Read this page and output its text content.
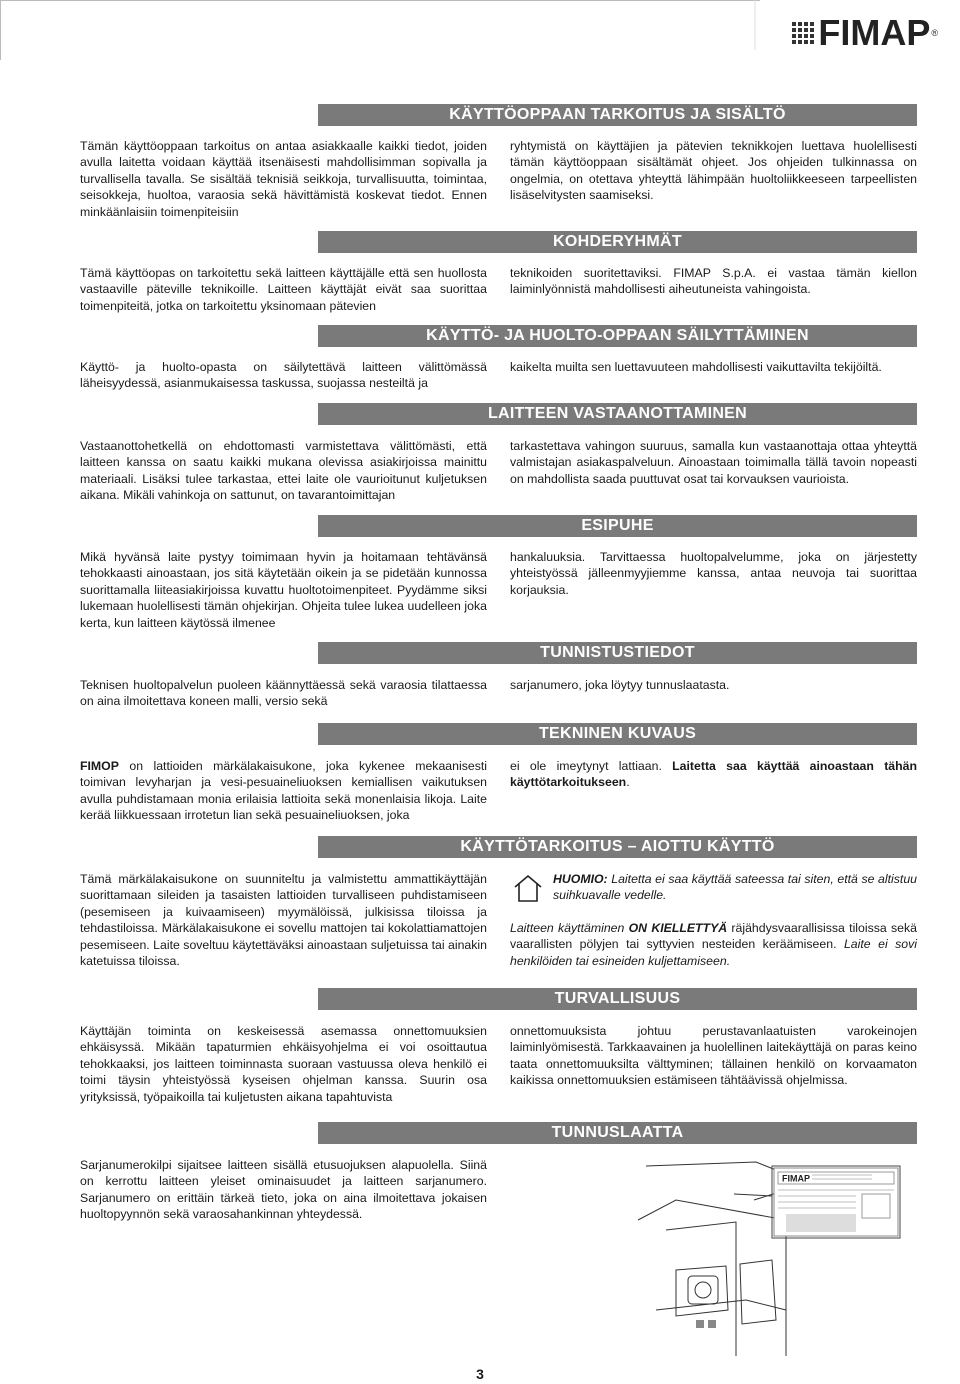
FIMAP ®
KÄYTTÖOPPAAN TARKOITUS JA SISÄLTÖ

Tämän käyttöoppaan tarkoitus on antaa asiakkaalle kaikki tiedot, joiden avulla laitetta voidaan käyttää itsenäisesti mahdollisimman sopivalla ja turvallisella tavalla. Se sisältää teknisiä seikkoja, turvallisuutta, toimintaa, seisokkeja, huoltoa, varaosia sekä hävittämistä koskevat tiedot. Ennen minkäänlaisiin toimenpiteisiin

ryhtymistä on käyttäjien ja pätevien teknikkojen luettava huolellisesti tämän käyttöoppaan sisältämät ohjeet. Jos ohjeiden tulkinnassa on ongelmia, on otettava yhteyttä lähimpään huoltoliikkeeseen tarpeellisten lisäselvitysten saamiseksi.

KOHDERYHMÄT

Tämä käyttöopas on tarkoitettu sekä laitteen käyttäjälle että sen huollosta vastaaville päteville teknikoille. Laitteen käyttäjät eivät saa suorittaa toimenpiteitä, jotka on tarkoitettu yksinomaan pätevien

teknikoiden suoritettaviksi. FIMAP S.p.A. ei vastaa tämän kiellon laiminlyönnistä mahdollisesti aiheutuneista vahingoista.

KÄYTTÖ- JA HUOLTO-OPPAAN SÄILYTTÄMINEN

Käyttö- ja huolto-opasta on säilytettävä laitteen välittömässä läheisyydessä, asianmukaisessa taskussa, suojassa nesteiltä ja

kaikelta muilta sen luettavuuteen mahdollisesti vaikuttavilta tekijöiltä.

LAITTEEN VASTAANOTTAMINEN

Vastaanottohetkellä on ehdottomasti varmistettava välittömästi, että laitteen kanssa on saatu kaikki mukana olevissa asiakirjoissa mainittu materiaali. Lisäksi tulee tarkastaa, ettei laite ole vaurioitunut kuljetuksen aikana. Mikäli vahinkoja on sattunut, on tavarantoimittajan

tarkastettava vahingon suuruus, samalla kun vastaanottaja ottaa yhteyttä valmistajan asiakaspalveluun. Ainoastaan toimimalla tällä tavoin nopeasti on mahdollista saada puuttuvat osat tai korvauksen vaurioista.

ESIPUHE

Mikä hyvänsä laite pystyy toimimaan hyvin ja hoitamaan tehtävänsä tehokkaasti ainoastaan, jos sitä käytetään oikein ja se pidetään kunnossa suorittamalla liiteasiakirjoissa kuvattu huoltotoimenpiteet. Pyydämme siksi lukemaan huolellisesti tämän ohjekirjan. Ohjeita tulee lukea uudelleen joka kerta, kun laitteen käytössä ilmenee

hankaluuksia. Tarvittaessa huoltopalvelumme, joka on järjestetty yhteistyössä jälleenmyyjiemme kanssa, antaa neuvoja tai suorittaa korjauksia.

TUNNISTUSTIEDOT

Teknisen huoltopalvelun puoleen käännyttäessä sekä varaosia tilattaessa on aina ilmoitettava koneen malli, versio sekä

sarjanumero, joka löytyy tunnuslaatasta.

TEKNINEN KUVAUS

FIMOP on lattioiden märkälakaisukone, joka kykenee mekaanisesti toimivan levyharjan ja vesi-pesuaineliuoksen kemiallisen vaikutuksen avulla puhdistamaan monia erilaisia lattioita sekä monenlaisia likoja. Laite kerää liikkuessaan irrotetun lian sekä pesuaineliuoksen, joka

ei ole imeytynyt lattiaan. Laitetta saa käyttää ainoastaan tähän käyttötarkoitukseen.

KÄYTTÖTARKOITUS – AIOTTU KÄYTTÖ

Tämä märkälakaisukone on suunniteltu ja valmistettu ammattikäyttäjän suorittamaan sileiden ja tasaisten lattioiden turvalliseen puhdistamiseen (pesemiseen ja kuivaamiseen) myymälöissä, julkisissa tiloissa ja tehdastiloissa. Märkälakaisukone ei sovellu mattojen tai kokolattiamattojen pesemiseen. Laite soveltuu käytettäväksi ainoastaan suljetuissa tai ainakin katetuissa tiloissa.

HUOMIO: Laitetta ei saa käyttää sateessa tai siten, että se altistuu suihkuavalle vedelle.

Laitteen käyttäminen ON KIELLETTYÄ räjähdysvaarallisissa tiloissa sekä vaarallisten pölyjen tai syttyvien nesteiden keräämiseen. Laite ei sovi henkilöiden tai esineiden kuljettamiseen.

TURVALLISUUS

Käyttäjän toiminta on keskeisessä asemassa onnettomuuksien ehkäisyssä. Mikään tapaturmien ehkäisyohjelma ei voi osoittautua tehokkaaksi, jos laitteen toiminnasta suoraan vastuussa oleva henkilö ei toimi täysin yhteistyössä kyseisen ohjelman kanssa. Suurin osa yrityksissä, työpaikoilla tai kuljetusten aikana tapahtuvista

onnettomuuksista johtuu perustavanlaatuisten varokeinojen laiminlyömisestä. Tarkkaavainen ja huolellinen laitekäyttäjä on paras keino taata onnettomuuksilta välttyminen; tällainen henkilö on korvaamaton kaikissa onnettomuuksien estämiseen tähtäävissä ohjelmissa.

TUNNUSLAATTA

Sarjanumerokilpi sijaitsee laitteen sisällä etusuojuksen alapuolella. Siinä on kerrottu laitteen yleiset ominaisuudet ja laitteen sarjanumero. Sarjanumero on erittäin tärkeä tieto, joka on aina ilmoitettava jokaisen huoltopyynnön sekä varaosahankinnan yhteydessä.

FIMAP
3
